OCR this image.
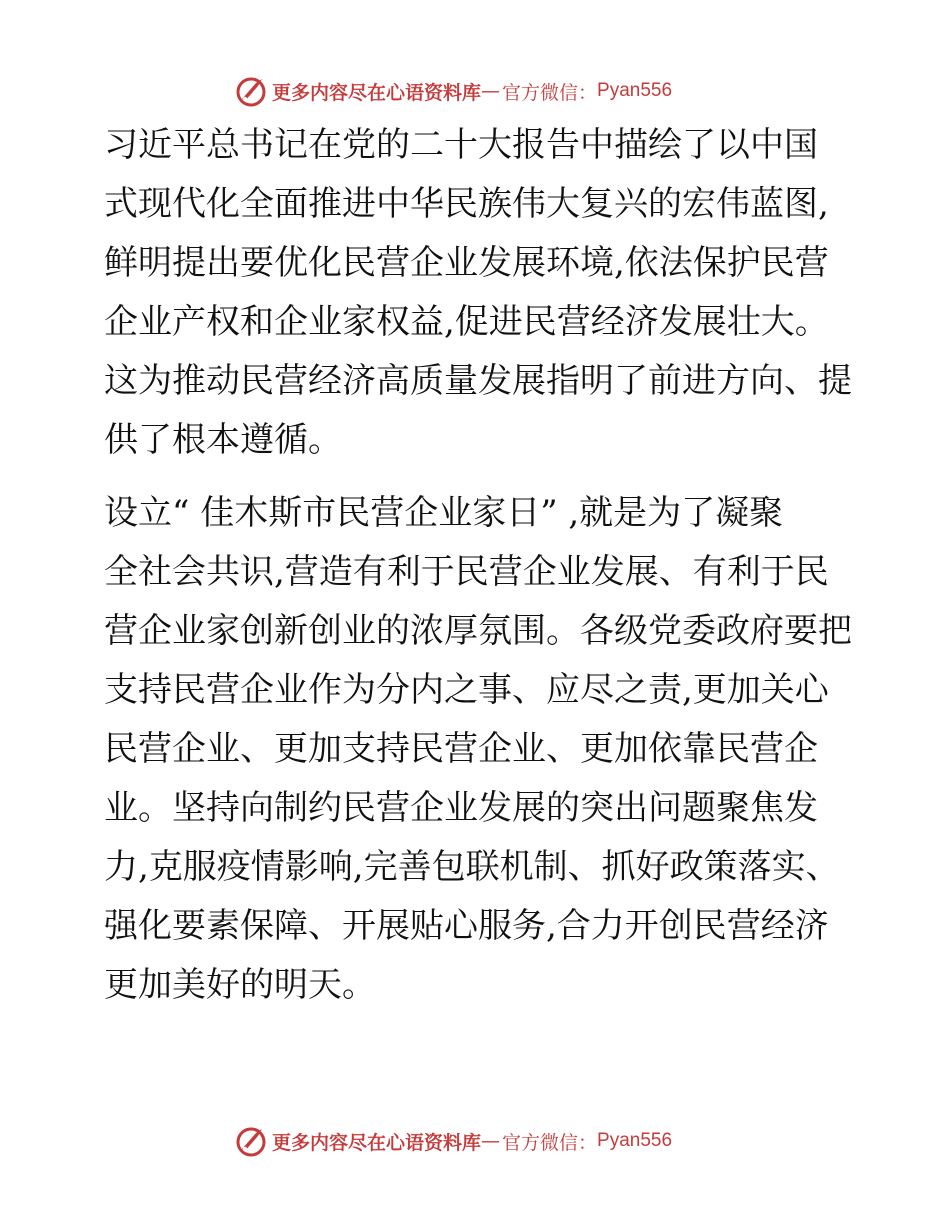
更多内容尽在心语资料库 — 官方微信： Pyan556

习近平总书记在党的二十大报告中描绘了以中国
式现代化全面推进中华民族伟大复兴的宏伟蓝图,
鲜明提出要优化民营企业发展环境,依法保护民营
企业产权和企业家权益,促进民营经济发展壮大。
这为推动民营经济高质量发展指明了前进方向、提
供了根本遵循。

设立“ 佳木斯市民营企业家日” ,就是为了凝聚
全社会共识,营造有利于民营企业发展、有利于民
营企业家创新创业的浓厚氛围。各级党委政府要把
支持民营企业作为分内之事、应尽之责,更加关心
民营企业、更加支持民营企业、更加依靠民营企
业。坚持向制约民营企业发展的突出问题聚焦发
力,克服疫情影响,完善包联机制、抓好政策落实、
强化要素保障、开展贴心服务,合力开创民营经济
更加美好的明天。

更多内容尽在心语资料库 — 官方微信： Pyan556
